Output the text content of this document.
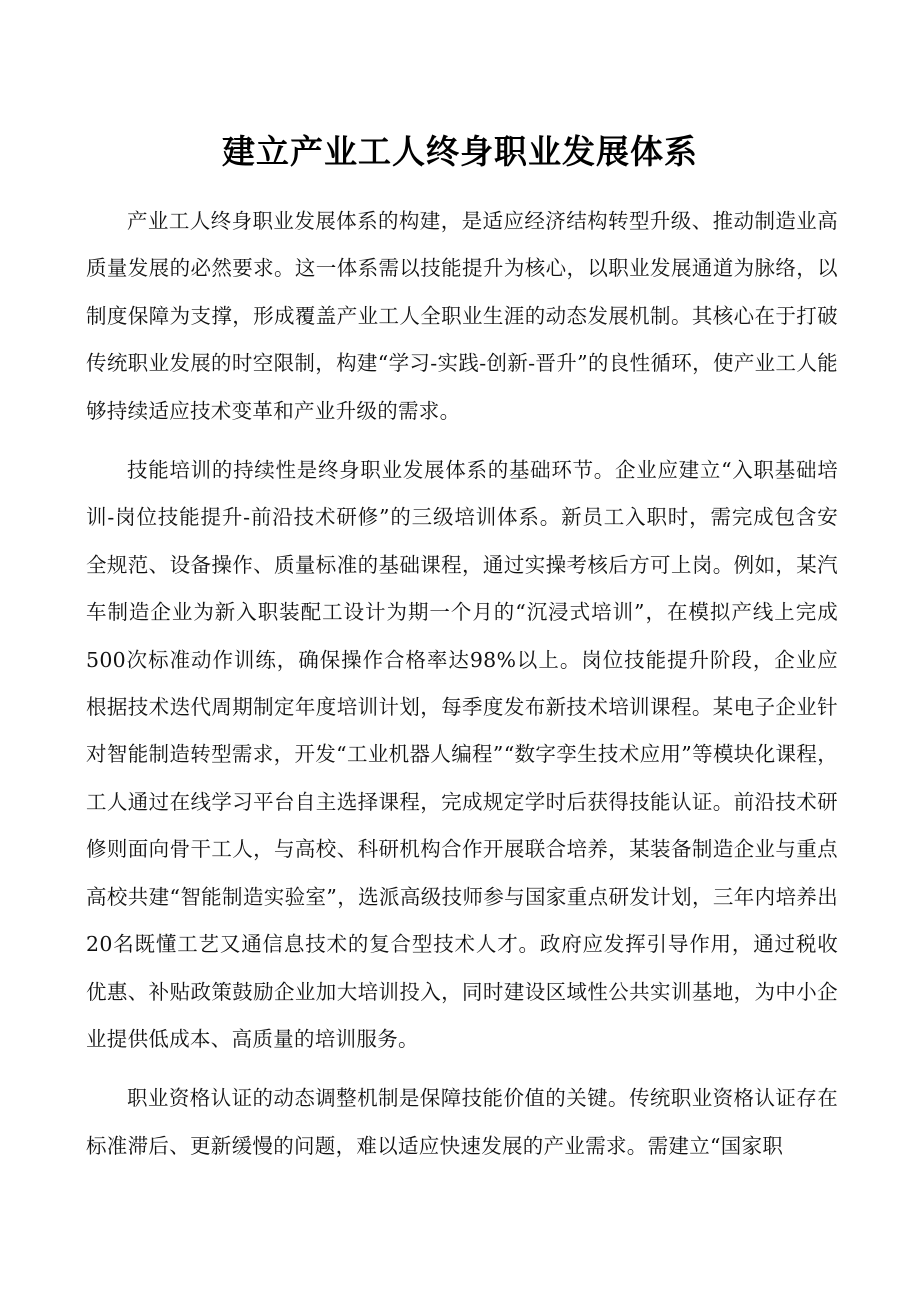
建立产业工人终身职业发展体系

产业工人终身职业发展体系的构建，是适应经济结构转型升级、推动制造业高质量发展的必然要求。这一体系需以技能提升为核心，以职业发展通道为脉络，以制度保障为支撑，形成覆盖产业工人全职业生涯的动态发展机制。其核心在于打破传统职业发展的时空限制，构建“学习-实践-创新-晋升”的良性循环，使产业工人能够持续适应技术变革和产业升级的需求。

技能培训的持续性是终身职业发展体系的基础环节。企业应建立“入职基础培训-岗位技能提升-前沿技术研修”的三级培训体系。新员工入职时，需完成包含安全规范、设备操作、质量标准的基础课程，通过实操考核后方可上岗。例如，某汽车制造企业为新入职装配工设计为期一个月的“沉浸式培训”，在模拟产线上完成500次标准动作训练，确保操作合格率达98%以上。岗位技能提升阶段，企业应根据技术迭代周期制定年度培训计划，每季度发布新技术培训课程。某电子企业针对智能制造转型需求，开发“工业机器人编程”“数字孪生技术应用”等模块化课程，工人通过在线学习平台自主选择课程，完成规定学时后获得技能认证。前沿技术研修则面向骨干工人，与高校、科研机构合作开展联合培养，某装备制造企业与重点高校共建“智能制造实验室”，选派高级技师参与国家重点研发计划，三年内培养出20名既懂工艺又通信息技术的复合型技术人才。政府应发挥引导作用，通过税收优惠、补贴政策鼓励企业加大培训投入，同时建设区域性公共实训基地，为中小企业提供低成本、高质量的培训服务。

职业资格认证的动态调整机制是保障技能价值的关键。传统职业资格认证存在标准滞后、更新缓慢的问题，难以适应快速发展的产业需求。需建立“国家职
